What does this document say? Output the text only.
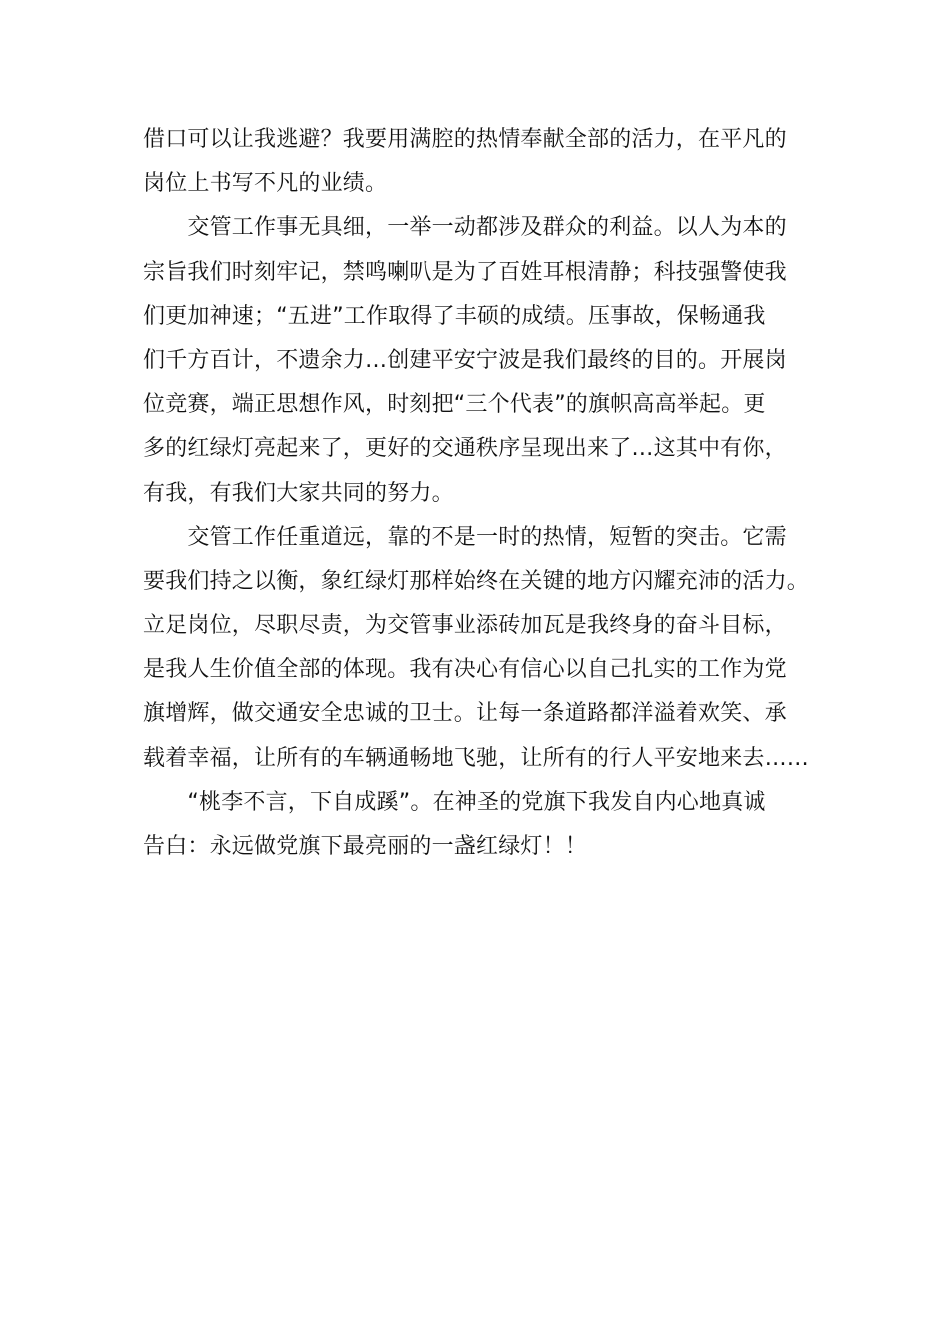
借口可以让我逃避？我要用满腔的热情奉献全部的活力，在平凡的
岗位上书写不凡的业绩。
　　交管工作事无具细，一举一动都涉及群众的利益。以人为本的
宗旨我们时刻牢记，禁鸣喇叭是为了百姓耳根清静；科技强警使我
们更加神速；“五进”工作取得了丰硕的成绩。压事故，保畅通我
们千方百计，不遗余力…创建平安宁波是我们最终的目的。开展岗
位竞赛，端正思想作风，时刻把“三个代表”的旗帜高高举起。更
多的红绿灯亮起来了，更好的交通秩序呈现出来了…这其中有你，
有我，有我们大家共同的努力。
　　交管工作任重道远，靠的不是一时的热情，短暂的突击。它需
要我们持之以衡，象红绿灯那样始终在关键的地方闪耀充沛的活力。
立足岗位，尽职尽责，为交管事业添砖加瓦是我终身的奋斗目标，
是我人生价值全部的体现。我有决心有信心以自己扎实的工作为党
旗增辉，做交通安全忠诚的卫士。让每一条道路都洋溢着欢笑、承
载着幸福，让所有的车辆通畅地飞驰，让所有的行人平安地来去……
　　“桃李不言，下自成蹊”。在神圣的党旗下我发自内心地真诚
告白：永远做党旗下最亮丽的一盏红绿灯！！
